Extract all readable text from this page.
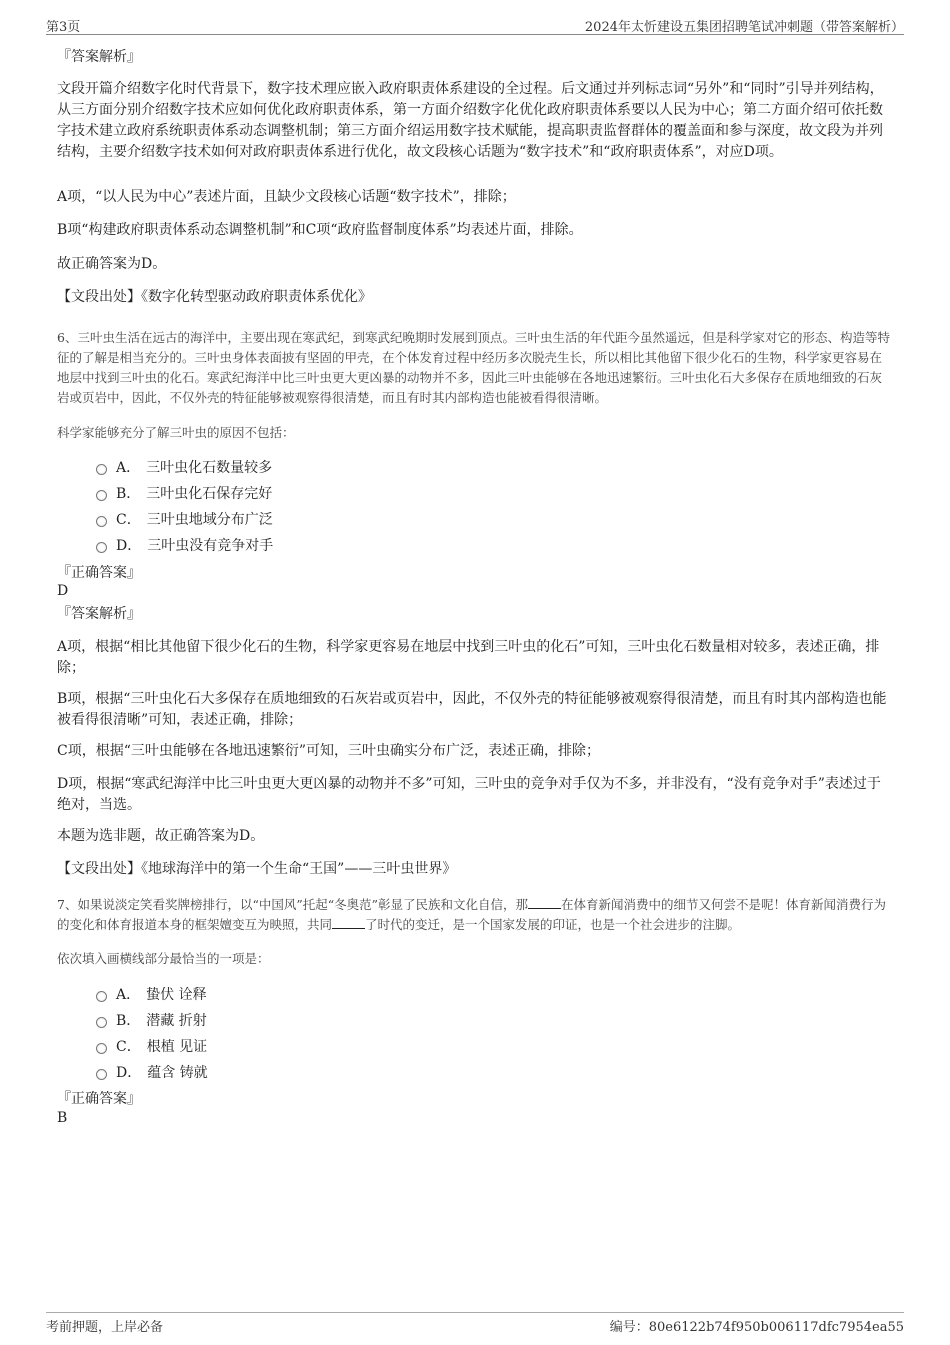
第3页	2024年太忻建设五集团招聘笔试冲刺题（带答案解析）

『答案解析』

文段开篇介绍数字化时代背景下，数字技术理应嵌入政府职责体系建设的全过程。后文通过并列标志词“另外”和“同时”引导并列结构，从三方面分别介绍数字技术应如何优化政府职责体系，第一方面介绍数字化优化政府职责体系要以人民为中心；第二方面介绍可依托数字技术建立政府系统职责体系动态调整机制；第三方面介绍运用数字技术赋能，提高职责监督群体的覆盖面和参与深度，故文段为并列结构，主要介绍数字技术如何对政府职责体系进行优化，故文段核心话题为“数字技术”和“政府职责体系”，对应D项。

A项，“以人民为中心”表述片面，且缺少文段核心话题“数字技术”，排除；

B项“构建政府职责体系动态调整机制”和C项“政府监督制度体系”均表述片面，排除。

故正确答案为D。

【文段出处】《数字化转型驱动政府职责体系优化》

6、三叶虫生活在远古的海洋中，主要出现在寒武纪，到寒武纪晚期时发展到顶点。三叶虫生活的年代距今虽然遥远，但是科学家对它的形态、构造等特征的了解是相当充分的。三叶虫身体表面披有坚固的甲壳，在个体发育过程中经历多次脱壳生长，所以相比其他留下很少化石的生物，科学家更容易在地层中找到三叶虫的化石。寒武纪海洋中比三叶虫更大更凶暴的动物并不多，因此三叶虫能够在各地迅速繁衍。三叶虫化石大多保存在质地细致的石灰岩或页岩中，因此，不仅外壳的特征能够被观察得很清楚，而且有时其内部构造也能被看得很清晰。

科学家能够充分了解三叶虫的原因不包括：

A． 三叶虫化石数量较多
B． 三叶虫化石保存完好
C． 三叶虫地域分布广泛
D． 三叶虫没有竞争对手

『正确答案』

D

『答案解析』

A项，根据“相比其他留下很少化石的生物，科学家更容易在地层中找到三叶虫的化石”可知，三叶虫化石数量相对较多，表述正确，排除；

B项，根据“三叶虫化石大多保存在质地细致的石灰岩或页岩中，因此，不仅外壳的特征能够被观察得很清楚，而且有时其内部构造也能被看得很清晰”可知，表述正确，排除；

C项，根据“三叶虫能够在各地迅速繁衍”可知，三叶虫确实分布广泛，表述正确，排除；

D项，根据“寒武纪海洋中比三叶虫更大更凶暴的动物并不多”可知，三叶虫的竞争对手仅为不多，并非没有，“没有竞争对手”表述过于绝对，当选。

本题为选非题，故正确答案为D。

【文段出处】《地球海洋中的第一个生命“王国”——三叶虫世界》

7、如果说淡定笑看奖牌榜排行，以“中国风”托起“冬奥范”彰显了民族和文化自信，那	在体育新闻消费中的细节又何尝不是呢！体育新闻消费行为的变化和体育报道本身的框架嬗变互为映照，共同	了时代的变迁，是一个国家发展的印证，也是一个社会进步的注脚。

依次填入画横线部分最恰当的一项是：

A． 蛰伏 诠释
B． 潜藏 折射
C． 根植 见证
D． 蕴含 铸就

『正确答案』

B

考前押题，上岸必备	编号：80e6122b74f950b006117dfc7954ea55
